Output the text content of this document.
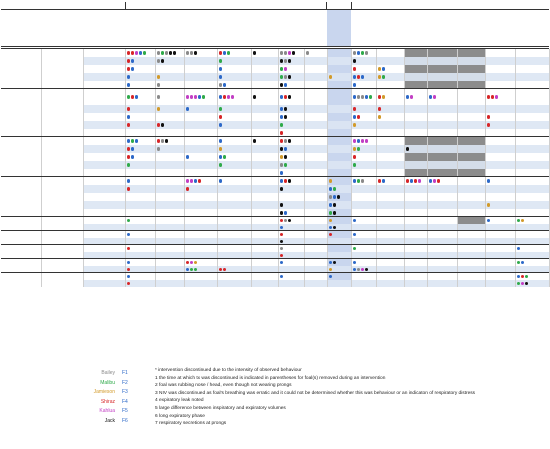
Bailey F1
Malibu F2
Jamieson F3
Shiraz F4
Kahlua F5
Jack F6
* intervention discontinued due to the intensity of observed behaviour
1 the time at which tx was discontinued is indicated in parentheses for foal(s) removed during an intervention
2 foal was rubbing nose / head, even though not wearing prongs
3 NIV was discontinued as foal's breathing was erratic and it could not be determined whether this was behaviour or an indicaton of respiratory distress
4 expiratory leak noted
5 large difference between inspiratory and expiratory volumes
6 long expiratory phase
7 respiratory secretions at prongs
